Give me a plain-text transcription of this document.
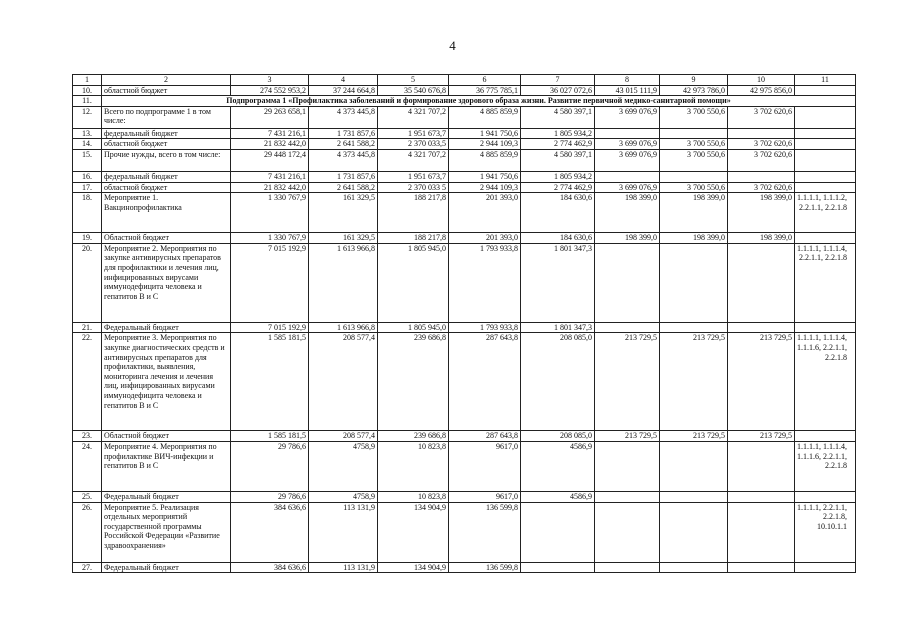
4
1	2	3	4	5	6	7	8	9	10	11
10.	областной бюджет	274 552 953,2	37 244 664,8	35 540 676,8	36 775 785,1	36 027 072,6	43 015 111,9	42 973 786,0	42 975 856,0	
11.	Подпрограмма 1 «Профилактика заболеваний и формирование здорового образа жизни. Развитие первичной медико-санитарной помощи»									
12.	Всего по подпрограмме 1 в том числе:	29 263 658,1	4 373 445,8	4 321 707,2	4 885 859,9	4 580 397,1	3 699 076,9	3 700 550,6	3 702 620,6	
13.	федеральный бюджет	7 431 216,1	1 731 857,6	1 951 673,7	1 941 750,6	1 805 934,2				
14.	областной бюджет	21 832 442,0	2 641 588,2	2 370 033,5	2 944 109,3	2 774 462,9	3 699 076,9	3 700 550,6	3 702 620,6	
15.	Прочие нужды, всего в том числе:	29 448 172,4	4 373 445,8	4 321 707,2	4 885 859,9	4 580 397,1	3 699 076,9	3 700 550,6	3 702 620,6	
16.	федеральный бюджет	7 431 216,1	1 731 857,6	1 951 673,7	1 941 750,6	1 805 934,2				
17.	областной бюджет	21 832 442,0	2 641 588,2	2 370 033 5	2 944 109,3	2 774 462,9	3 699 076,9	3 700 550,6	3 702 620,6	
18.	Мероприятие 1. Вакцинопрофилактика	1 330 767,9	161 329,5	188 217,8	201 393,0	184 630,6	198 399,0	198 399,0	198 399,0	1.1.1.1, 1.1.1.2, 2.2.1.1, 2.2.1.8
19.	Областной бюджет	1 330 767,9	161 329,5	188 217,8	201 393,0	184 630,6	198 399,0	198 399,0	198 399,0	
20.	Мероприятие 2. Мероприятия по закупке антивирусных препаратов для профилактики и лечения лиц, инфицированных вирусами иммунодефицита человека и гепатитов В и С	7 015 192,9	1 613 966,8	1 805 945,0	1 793 933,8	1 801 347,3				1.1.1.1, 1.1.1.4, 2.2.1.1, 2.2.1.8
21.	Федеральный бюджет	7 015 192,9	1 613 966,8	1 805 945,0	1 793 933,8	1 801 347,3				
22.	Мероприятие 3. Мероприятия по закупке диагностических средств и антивирусных препаратов для профилактики, выявления, мониторинга лечения и лечения лиц, инфицированных вирусами иммунодефицита человека и гепатитов В и С	1 585 181,5	208 577,4	239 686,8	287 643,8	208 085,0	213 729,5	213 729,5	213 729,5	1.1.1.1, 1.1.1.4, 1.1.1.6, 2.2.1.1, 2.2.1.8
23.	Областной бюджет	1 585 181,5	208 577,4	239 686,8	287 643,8	208 085,0	213 729,5	213 729,5	213 729,5	
24.	Мероприятие 4. Мероприятия по профилактике ВИЧ-инфекции и гепатитов В и С	29 786,6	4758,9	10 823,8	9617,0	4586,9				1.1.1.1, 1.1.1.4, 1.1.1.6, 2.2.1.1, 2.2.1.8
25.	Федеральный бюджет	29 786,6	4758,9	10 823,8	9617,0	4586,9				
26.	Мероприятие 5. Реализация отдельных мероприятий государственной программы Российской Федерации «Развитие здравоохранения»	384 636,6	113 131,9	134 904,9	136 599,8					1.1.1.1, 2.2.1.1, 2.2.1.8, 10.10.1.1
27.	Федеральный бюджет	384 636,6	113 131,9	134 904,9	136 599,8					
